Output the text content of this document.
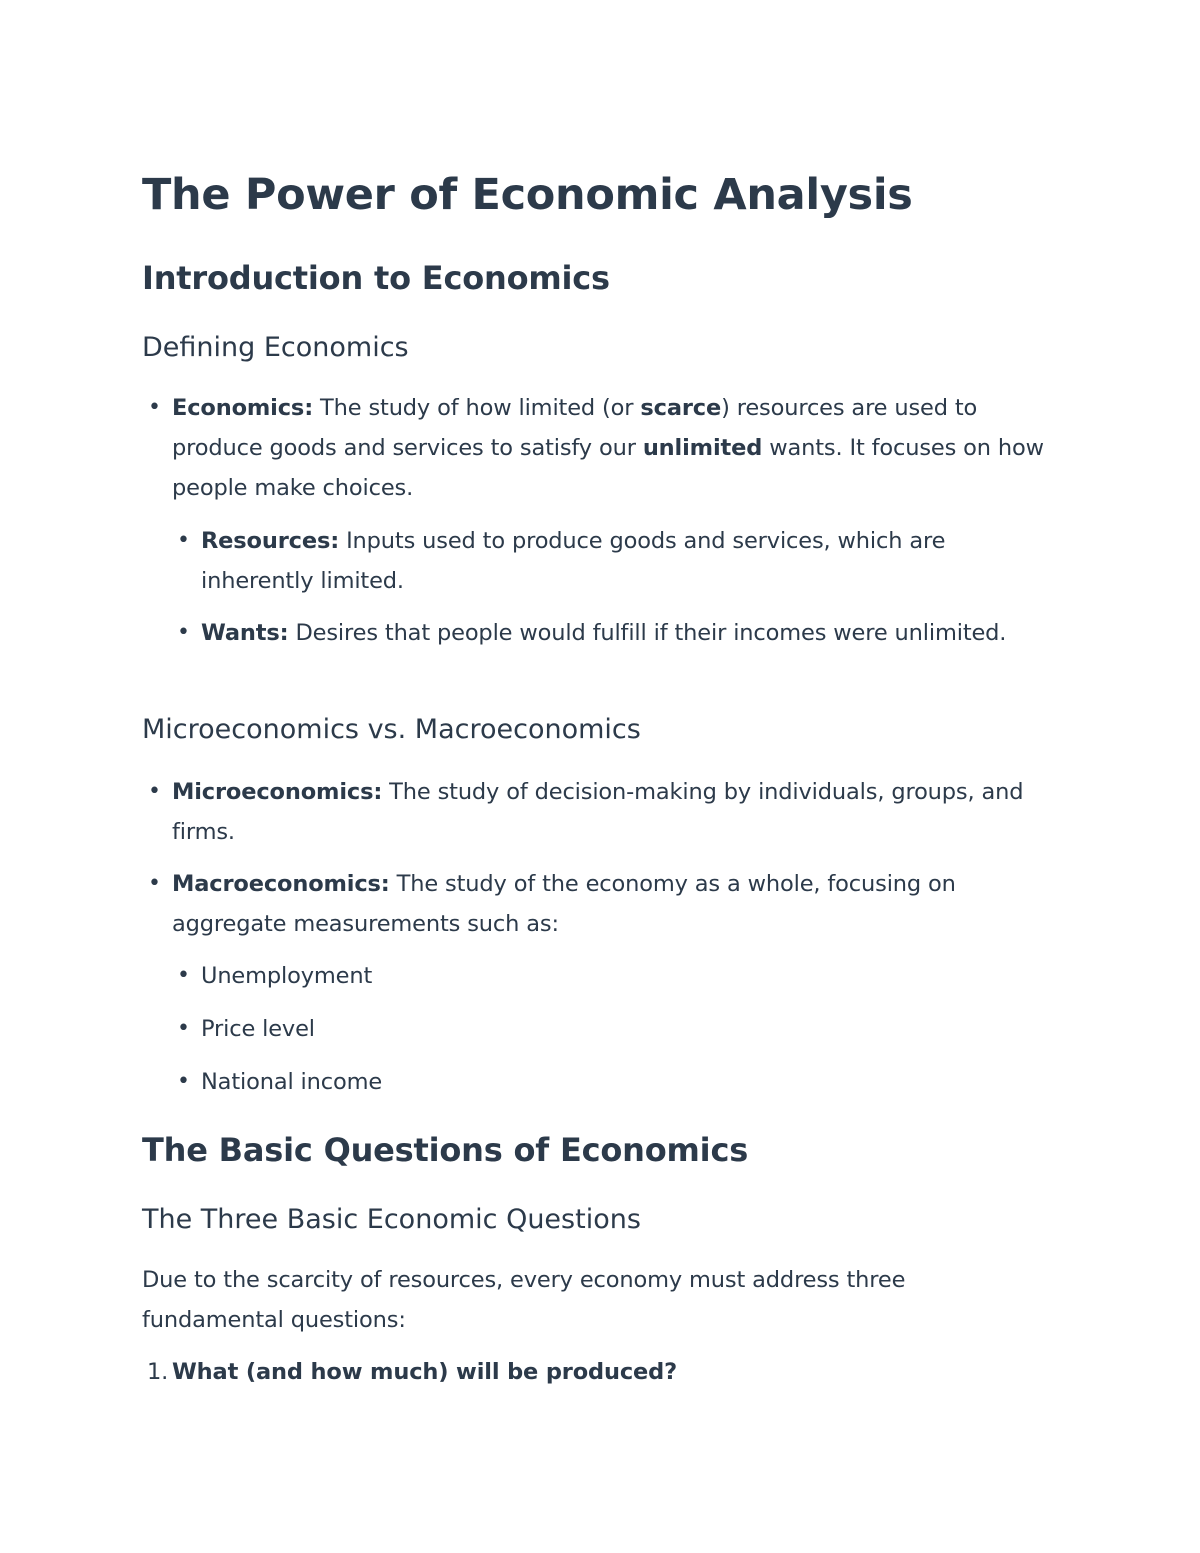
The Power of Economic Analysis
Introduction to Economics
Defining Economics
• Economics: The study of how limited (or scarce) resources are used to produce goods and services to satisfy our unlimited wants. It focuses on how people make choices.
• Resources: Inputs used to produce goods and services, which are inherently limited.
• Wants: Desires that people would fulfill if their incomes were unlimited.
Microeconomics vs. Macroeconomics
• Microeconomics: The study of decision-making by individuals, groups, and firms.
• Macroeconomics: The study of the economy as a whole, focusing on aggregate measurements such as:
• Unemployment
• Price level
• National income
The Basic Questions of Economics
The Three Basic Economic Questions

Due to the scarcity of resources, every economy must address three fundamental questions:

1. What (and how much) will be produced?
